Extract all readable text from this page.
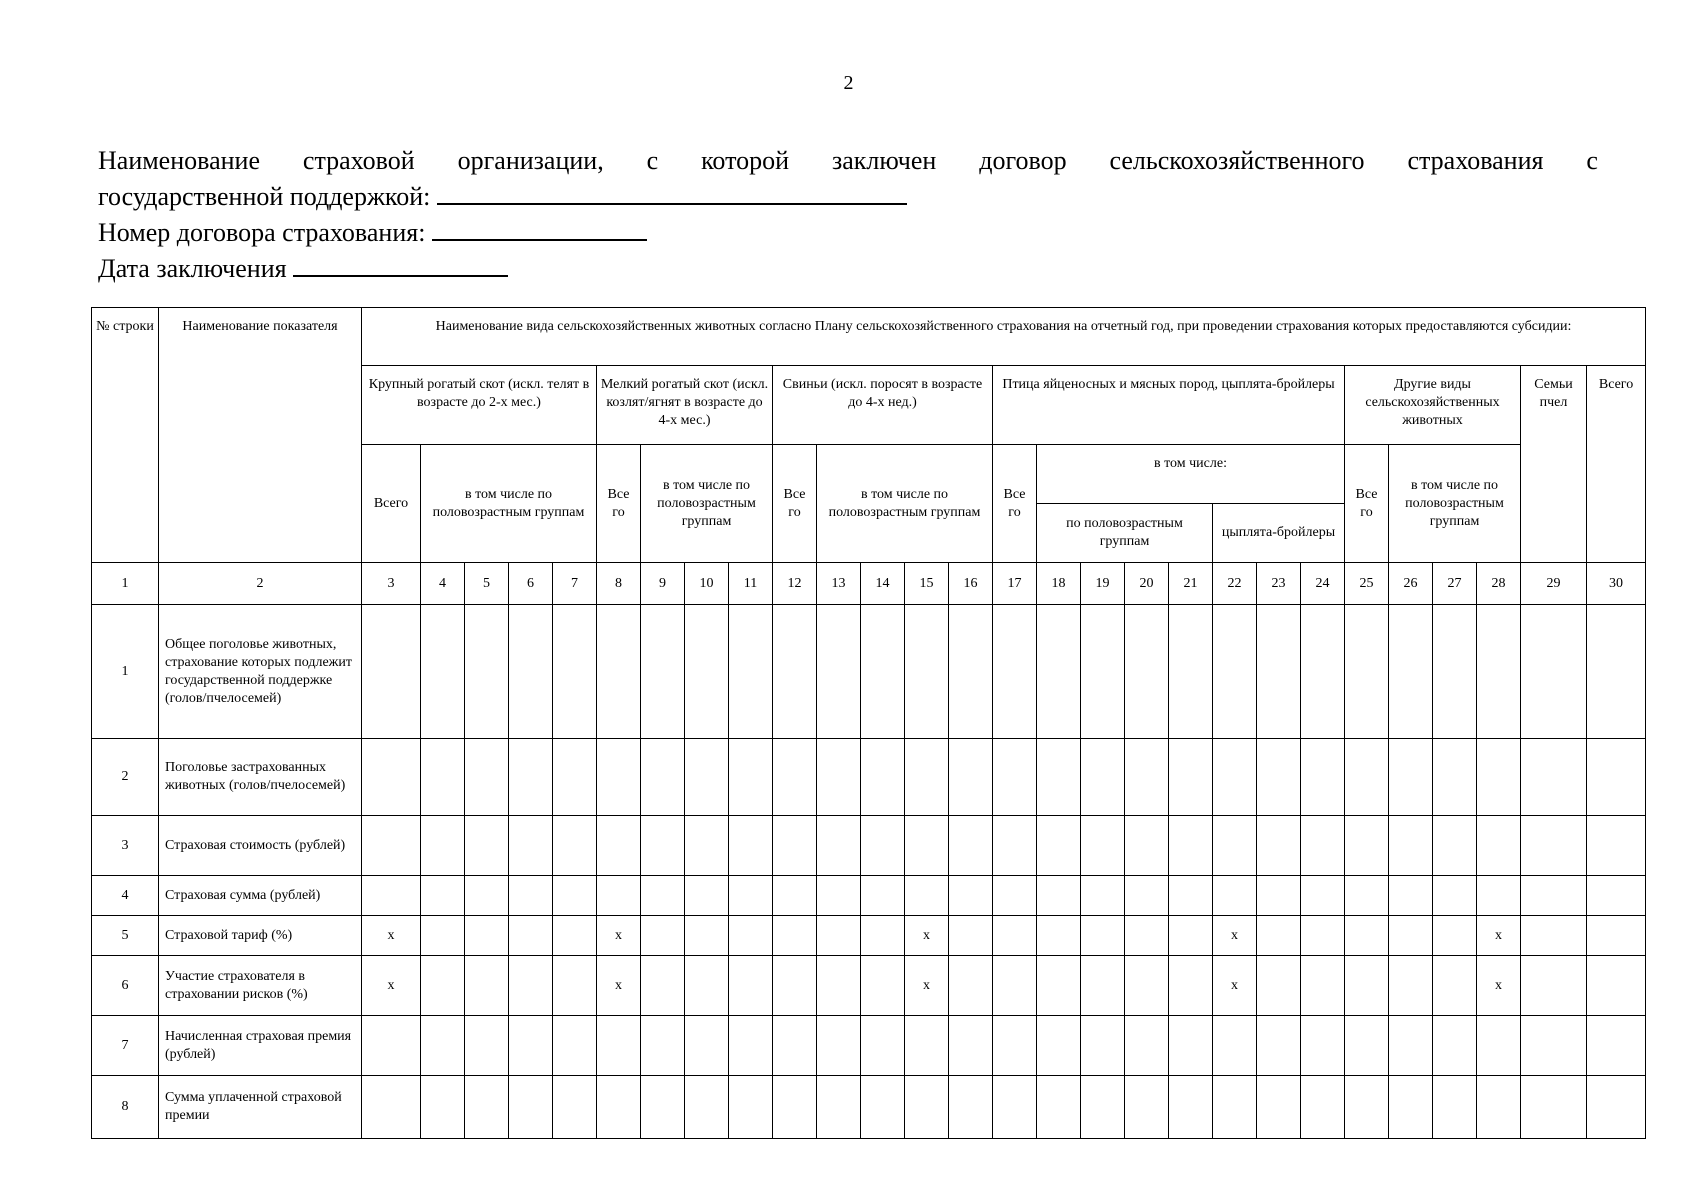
2
Наименование страховой организации, с которой заключен договор сельскохозяйственного страхования с
государственной поддержкой:
Номер договора страхования:
Дата заключения
№ строки	Наименование показателя	Наименование вида сельскохозяйственных животных согласно Плану сельскохозяйственного страхования на отчетный год, при проведении страхования которых предоставляются субсидии:																											
		Крупный рогатый скот (искл. телят в возрасте до 2-х мес.)					Мелкий рогатый скот (искл. козлят/ягнят в возрасте до 4-х мес.)				Свиньи (искл. поросят в возрасте до 4-х нед.)					Птица яйценосных и мясных пород, цыплята-бройлеры								Другие виды сельскохозяйственных животных				Семьи пчел	Всего
		Всего	в том числе по половозрастным группам				Все го	в том числе по половозрастным группам			Все го	в том числе по половозрастным группам				Все го	в том числе:							Все го	в том числе по половозрастным группам				
																	по половозрастным группам				цыплята-бройлеры								
1	2	3	4	5	6	7	8	9	10	11	12	13	14	15	16	17	18	19	20	21	22	23	24	25	26	27	28	29	30
1	Общее поголовье животных, страхование которых подлежит государственной поддержке (голов/пчелосемей)																												
2	Поголовье застрахованных животных (голов/пчелосемей)																												
3	Страховая стоимость (рублей)																												
4	Страховая сумма (рублей)																												
5	Страховой тариф (%)	x					x							x							x						x		
6	Участие страхователя в страховании рисков (%)	x					x							x							x						x		
7	Начисленная страховая премия (рублей)																												
8	Сумма уплаченной страховой премии																												
